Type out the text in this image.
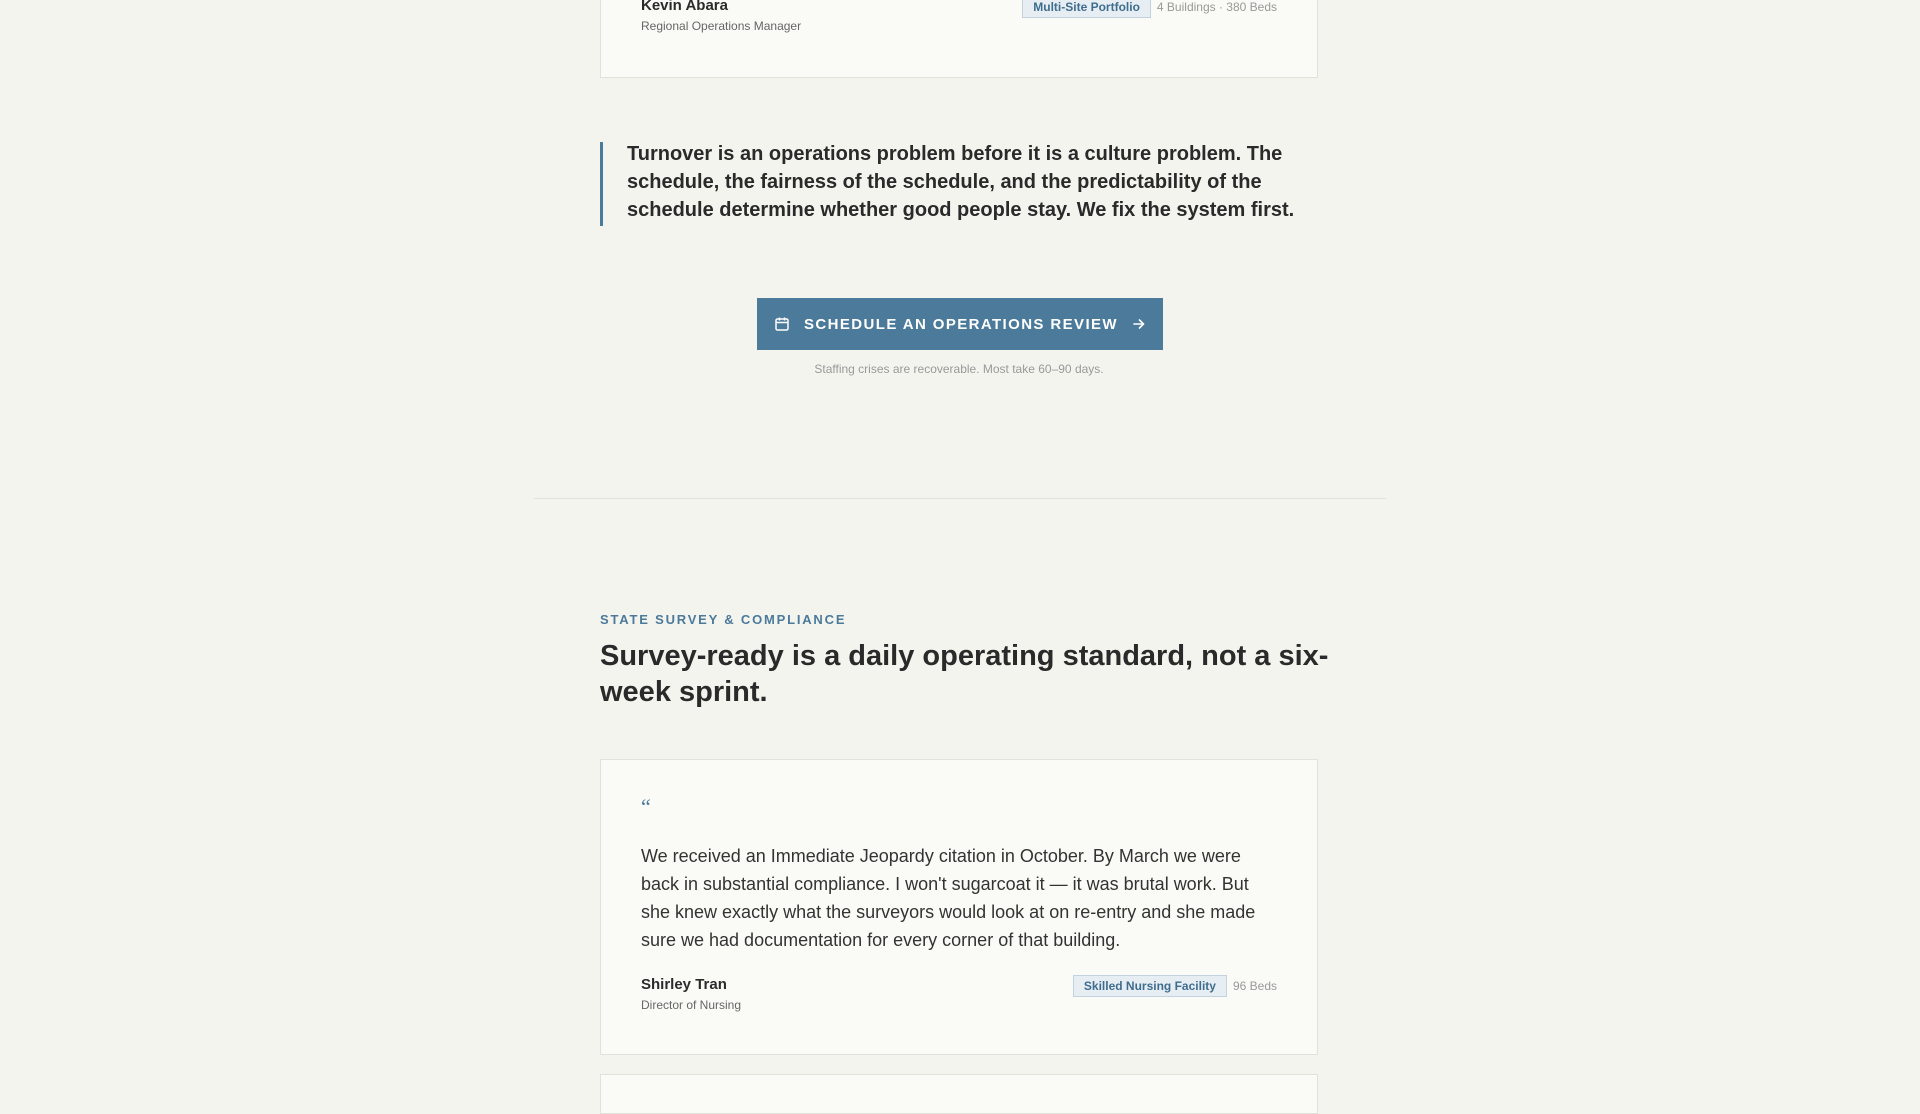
Kevin Abara
Regional Operations Manager
Multi-Site Portfolio	4 Buildings · 380 Beds

Turnover is an operations problem before it is a culture problem. The schedule, the fairness of the schedule, and the predictability of the schedule determine whether good people stay. We fix the system first.

SCHEDULE AN OPERATIONS REVIEW
Staffing crises are recoverable. Most take 60–90 days.
STATE SURVEY & COMPLIANCE
Survey-ready is a daily operating standard, not a six-week sprint.
“

We received an Immediate Jeopardy citation in October. By March we were back in substantial compliance. I won't sugarcoat it — it was brutal work. But she knew exactly what the surveyors would look at on re-entry and she made sure we had documentation for every corner of that building.

Shirley Tran
Director of Nursing
Skilled Nursing Facility	96 Beds
